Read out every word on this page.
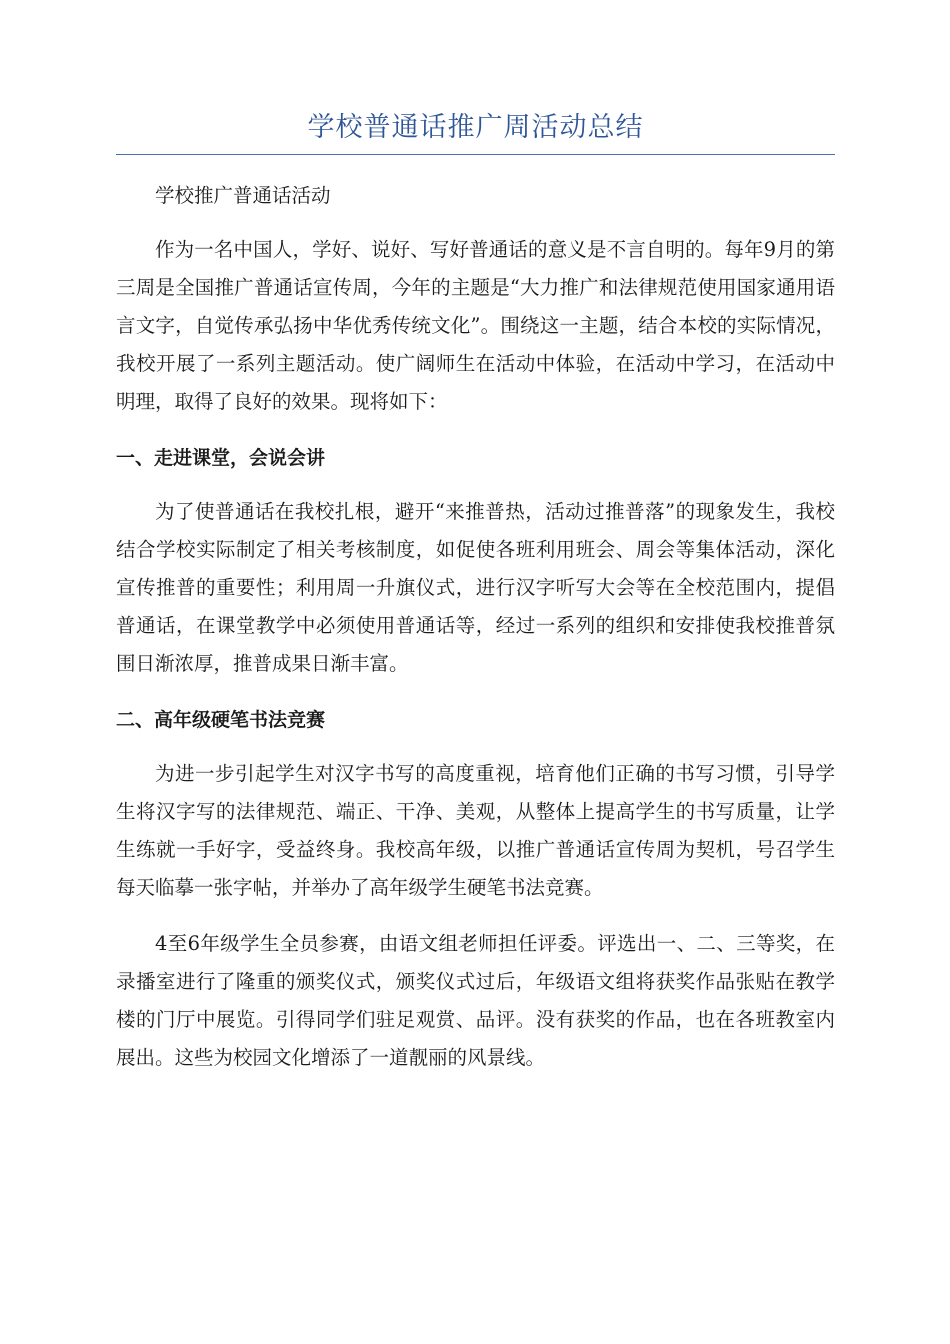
学校普通话推广周活动总结

学校推广普通话活动

作为一名中国人，学好、说好、写好普通话的意义是不言自明的。每年9月的第三周是全国推广普通话宣传周，今年的主题是“大力推广和法律规范使用国家通用语言文字，自觉传承弘扬中华优秀传统文化”。围绕这一主题，结合本校的实际情况，我校开展了一系列主题活动。使广阔师生在活动中体验，在活动中学习，在活动中明理，取得了良好的效果。现将如下：

一、走进课堂，会说会讲

为了使普通话在我校扎根，避开“来推普热，活动过推普落”的现象发生，我校结合学校实际制定了相关考核制度，如促使各班利用班会、周会等集体活动，深化宣传推普的重要性；利用周一升旗仪式，进行汉字听写大会等在全校范围内，提倡普通话，在课堂教学中必须使用普通话等，经过一系列的组织和安排使我校推普氛围日渐浓厚，推普成果日渐丰富。

二、高年级硬笔书法竞赛

为进一步引起学生对汉字书写的高度重视，培育他们正确的书写习惯，引导学生将汉字写的法律规范、端正、干净、美观，从整体上提高学生的书写质量，让学生练就一手好字，受益终身。我校高年级，以推广普通话宣传周为契机，号召学生每天临摹一张字帖，并举办了高年级学生硬笔书法竞赛。

4至6年级学生全员参赛，由语文组老师担任评委。评选出一、二、三等奖，在录播室进行了隆重的颁奖仪式，颁奖仪式过后，年级语文组将获奖作品张贴在教学楼的门厅中展览。引得同学们驻足观赏、品评。没有获奖的作品，也在各班教室内展出。这些为校园文化增添了一道靓丽的风景线。
